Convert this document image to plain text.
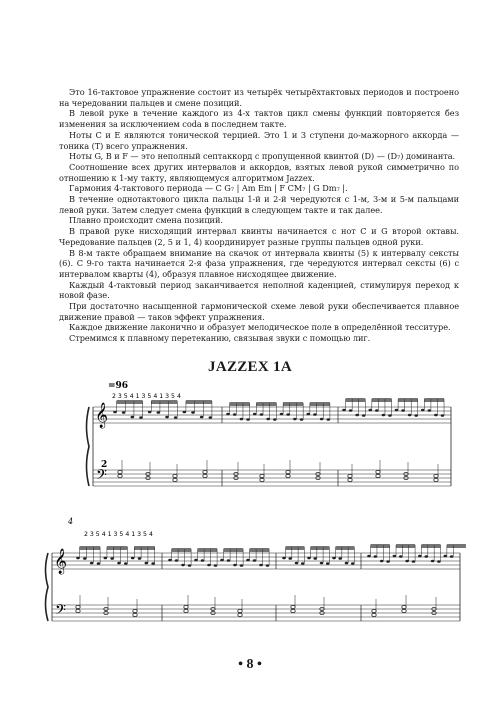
Это 16-тактовое упражнение состоит из четырёх четырёхтактовых периодов и построено на чередовании пальцев и смене позиций.

В левой руке в течение каждого из 4-х тактов цикл смены функций повторяется без изменения за исключением coda в последнем такте.

Ноты С и Е являются тонической терцией. Это 1 и 3 ступени до-мажорного аккорда — тоника (Т) всего упражнения.

Ноты G, B и F — это неполный септаккорд с пропущенной квинтой (D) — (D₇) доминанта.

Соотношение всех других интервалов и аккордов, взятых левой рукой симметрично по отношению к 1-му такту, являющемуся алгоритмом Jazzex.

Гармония 4-тактового периода — C G₇ | Am Em | F CM₇ | G Dm₇ |.

В течение однотактового цикла пальцы 1-й и 2-й чередуются с 1-м, 3-м и 5-м пальцами левой руки. Затем следует смена функций в следующем такте и так далее.

Плавно происходит смена позиций.

В правой руке нисходящий интервал квинты начинается с нот С и G второй октавы. Чередование пальцев (2, 5 и 1, 4) координирует разные группы пальцев одной руки.

В 8-м такте обращаем внимание на скачок от интервала квинты (5) к интервалу сексты (6). С 9-го такта начинается 2-я фаза упражнения, где чередуются интервал сексты (6) с интервалом кварты (4), образуя плавное нисходящее движение.

Каждый 4-тактовый период заканчивается неполной каденцией, стимулируя переход к новой фазе.

При достаточно насыщенной гармонической схеме левой руки обеспечивается плавное движение правой — таков эффект упражнения.

Каждое движение лаконично и образует мелодическое поле в определённой тесситуре.

Стремимся к плавному перетеканию, связывая звуки с помощью лиг.

JAZZEX 1A
𝄞
𝄢
𝄞
𝄢
=96
2
2 3 5 4 1 3 5 4 1 3 5 4
4
2 3 5 4 1 3 5 4 1 3 5 4
• 8 •
